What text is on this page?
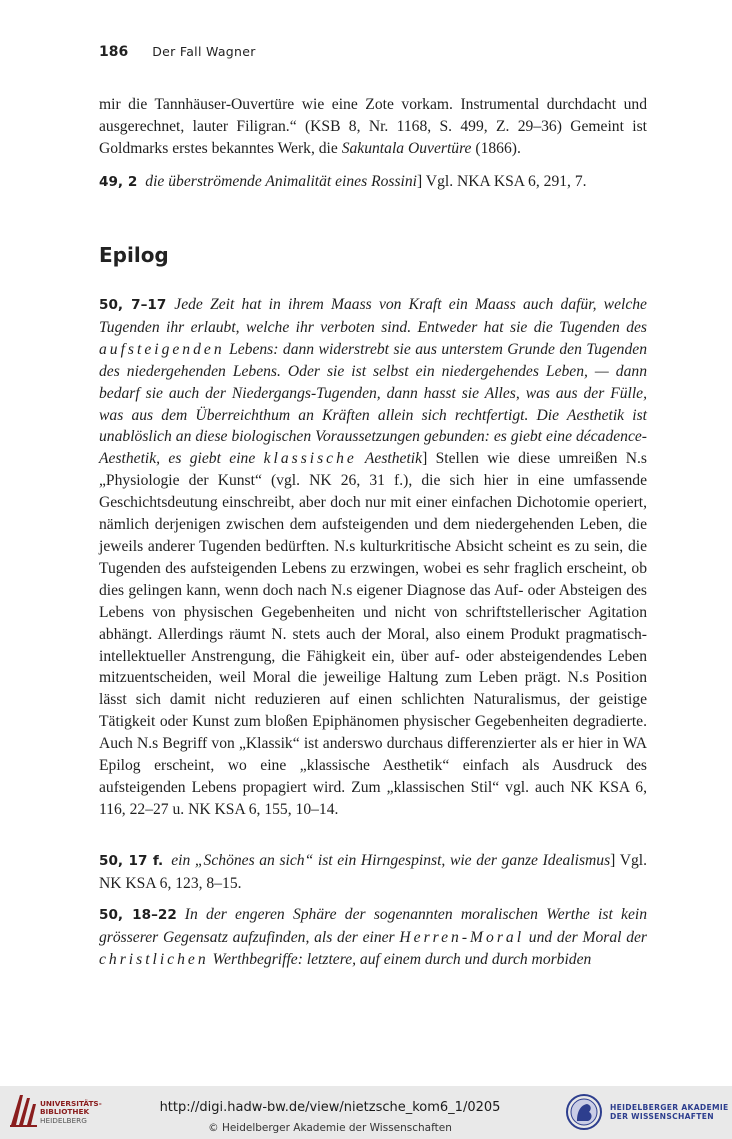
186 Der Fall Wagner

mir die Tannhäuser-Ouvertüre wie eine Zote vorkam. Instrumental durchdacht und ausgerechnet, lauter Filigran.“ (KSB 8, Nr. 1168, S. 499, Z. 29–36) Gemeint ist Goldmarks erstes bekanntes Werk, die Sakuntala Ouvertüre (1866).

49, 2 die überströmende Animalität eines Rossini] Vgl. NKA KSA 6, 291, 7.

Epilog

50, 7–17 Jede Zeit hat in ihrem Maass von Kraft ein Maass auch dafür, welche Tugenden ihr erlaubt, welche ihr verboten sind. Entweder hat sie die Tugenden des aufsteigenden Lebens: dann widerstrebt sie aus unterstem Grunde den Tugenden des niedergehenden Lebens. Oder sie ist selbst ein niedergehendes Leben, — dann bedarf sie auch der Niedergangs-Tugenden, dann hasst sie Alles, was aus der Fülle, was aus dem Überreichthum an Kräften allein sich rechtfertigt. Die Aesthetik ist unablöslich an diese biologischen Voraussetzungen gebunden: es giebt eine décadence-Aesthetik, es giebt eine klassische Aesthetik] Stellen wie diese umreißen N.s „Physiologie der Kunst“ (vgl. NK 26, 31 f.), die sich hier in eine umfassende Geschichtsdeutung einschreibt, aber doch nur mit einer einfachen Dichotomie operiert, nämlich derjenigen zwischen dem aufsteigenden und dem niedergehenden Leben, die jeweils anderer Tugenden bedürften. N.s kulturkritische Absicht scheint es zu sein, die Tugenden des aufsteigenden Lebens zu erzwingen, wobei es sehr fraglich erscheint, ob dies gelingen kann, wenn doch nach N.s eigener Diagnose das Auf- oder Absteigen des Lebens von physischen Gegebenheiten und nicht von schriftstellerischer Agitation abhängt. Allerdings räumt N. stets auch der Moral, also einem Produkt pragmatisch-intellektueller Anstrengung, die Fähigkeit ein, über auf- oder absteigendendes Leben mitzuentscheiden, weil Moral die jeweilige Haltung zum Leben prägt. N.s Position lässt sich damit nicht reduzieren auf einen schlichten Naturalismus, der geistige Tätigkeit oder Kunst zum bloßen Epiphänomen physischer Gegebenheiten degradierte. Auch N.s Begriff von „Klassik“ ist anderswo durchaus differenzierter als er hier in WA Epilog erscheint, wo eine „klassische Aesthetik“ einfach als Ausdruck des aufsteigenden Lebens propagiert wird. Zum „klassischen Stil“ vgl. auch NK KSA 6, 116, 22–27 u. NK KSA 6, 155, 10–14.

50, 17 f. ein „Schönes an sich“ ist ein Hirngespinst, wie der ganze Idealismus] Vgl. NK KSA 6, 123, 8–15.

50, 18–22 In der engeren Sphäre der sogenannten moralischen Werthe ist kein grösserer Gegensatz aufzufinden, als der einer Herren-Moral und der Moral der christlichen Werthbegriffe: letztere, auf einem durch und durch morbiden

UNIVERSITÄTS-
BIBLIOTHEK
HEIDELBERG
http://digi.hadw-bw.de/view/nietzsche_kom6_1/0205
© Heidelberger Akademie der Wissenschaften
HEIDELBERGER AKADEMIE
DER WISSENSCHAFTEN
